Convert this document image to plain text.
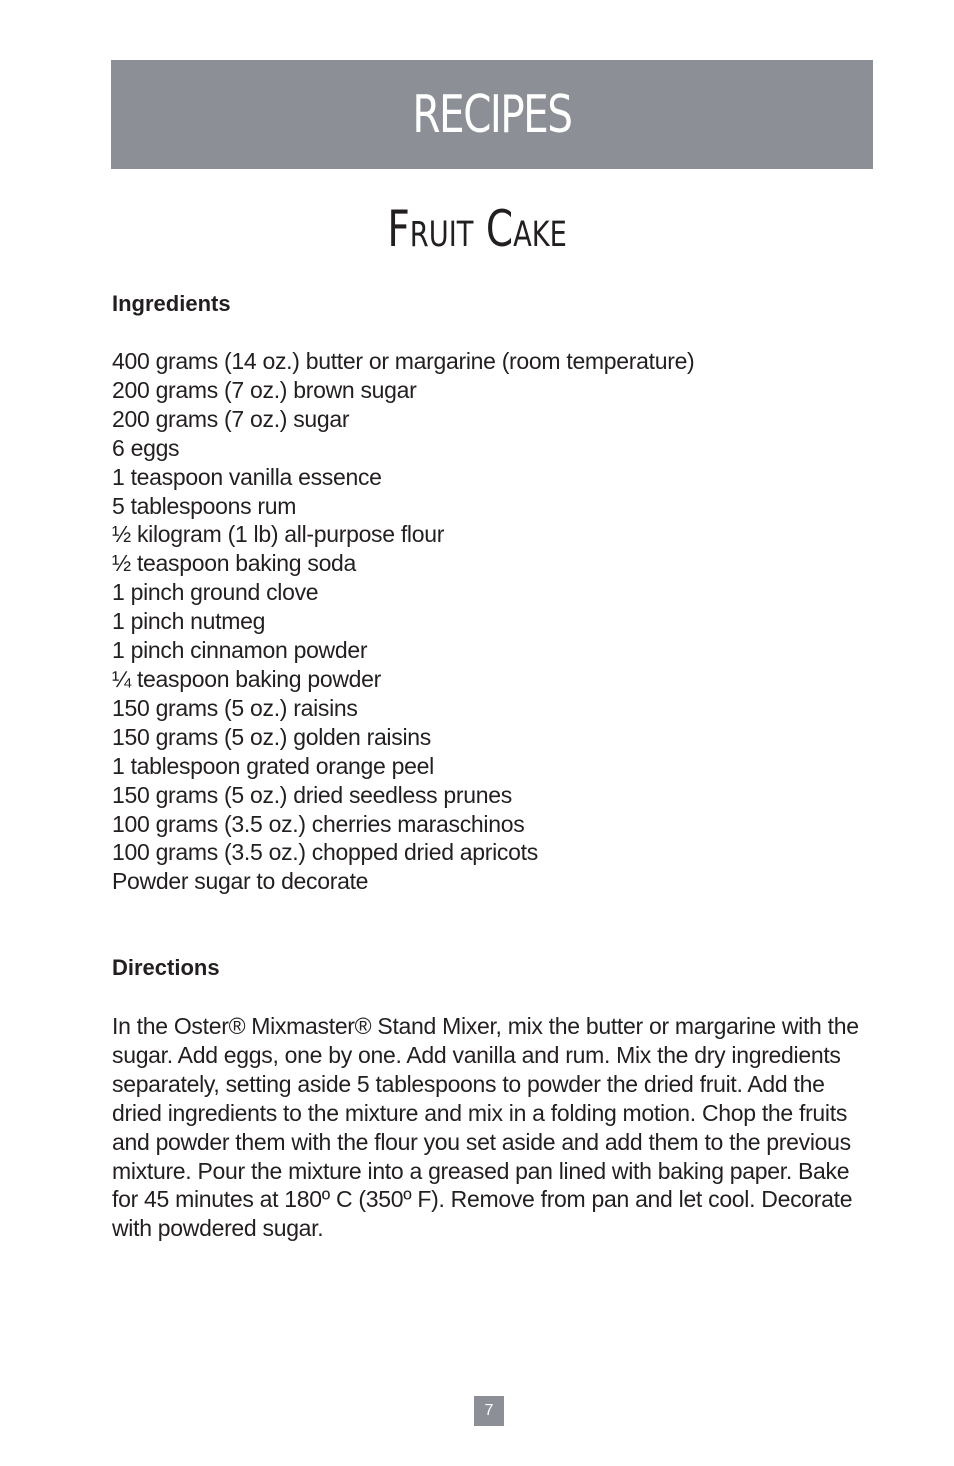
RECIPES
Fruit Cake
Ingredients
400 grams (14 oz.) butter or margarine (room temperature)
200 grams (7 oz.) brown sugar
200 grams (7 oz.) sugar
6 eggs
1 teaspoon vanilla essence
5 tablespoons rum
½ kilogram (1 lb) all-purpose flour
½ teaspoon baking soda
1 pinch ground clove
1 pinch nutmeg
1 pinch cinnamon powder
¼ teaspoon baking powder
150 grams (5 oz.) raisins
150 grams (5 oz.) golden raisins
1 tablespoon grated orange peel
150 grams (5 oz.) dried seedless prunes
100 grams (3.5 oz.) cherries maraschinos
100 grams (3.5 oz.) chopped dried apricots
Powder sugar to decorate
Directions

In the Oster® Mixmaster® Stand Mixer, mix the butter or margarine with the sugar. Add eggs, one by one. Add vanilla and rum. Mix the dry ingredients separately, setting aside 5 tablespoons to powder the dried fruit. Add the dried ingredients to the mixture and mix in a folding motion. Chop the fruits and powder them with the flour you set aside and add them to the previous mixture. Pour the mixture into a greased pan lined with baking paper. Bake for 45 minutes at 180º C (350º F). Remove from pan and let cool. Decorate with powdered sugar.

7
